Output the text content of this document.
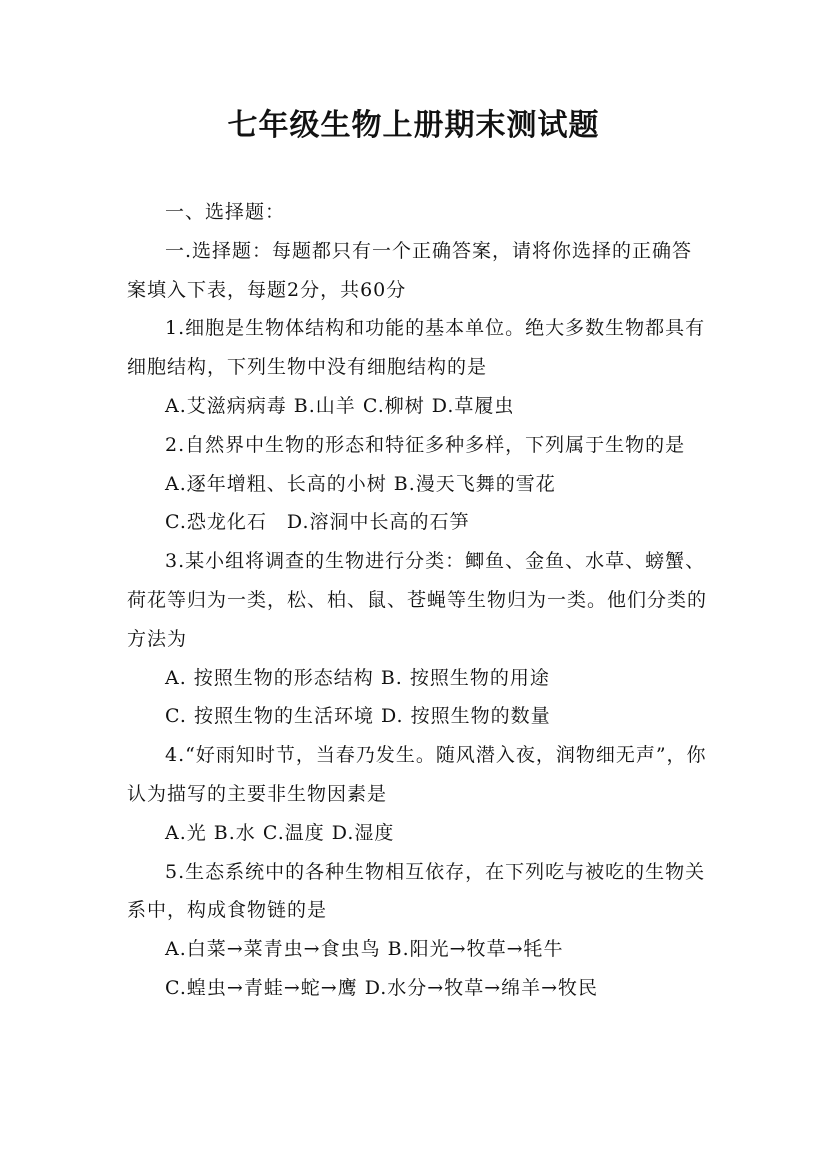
七年级生物上册期末测试题

一、选择题：

一.选择题：每题都只有一个正确答案，请将你选择的正确答案填入下表，每题2分，共60分

1.细胞是生物体结构和功能的基本单位。绝大多数生物都具有细胞结构，下列生物中没有细胞结构的是

A.艾滋病病毒 B.山羊 C.柳树 D.草履虫

2.自然界中生物的形态和特征多种多样，下列属于生物的是

A.逐年增粗、长高的小树 B.漫天飞舞的雪花

C.恐龙化石　D.溶洞中长高的石笋

3.某小组将调查的生物进行分类：鲫鱼、金鱼、水草、螃蟹、荷花等归为一类，松、柏、鼠、苍蝇等生物归为一类。他们分类的方法为

A. 按照生物的形态结构 B. 按照生物的用途

C. 按照生物的生活环境 D. 按照生物的数量

4.“好雨知时节，当春乃发生。随风潜入夜，润物细无声”，你认为描写的主要非生物因素是

A.光 B.水 C.温度 D.湿度

5.生态系统中的各种生物相互依存，在下列吃与被吃的生物关系中，构成食物链的是

A.白菜→菜青虫→食虫鸟 B.阳光→牧草→牦牛

C.蝗虫→青蛙→蛇→鹰 D.水分→牧草→绵羊→牧民
